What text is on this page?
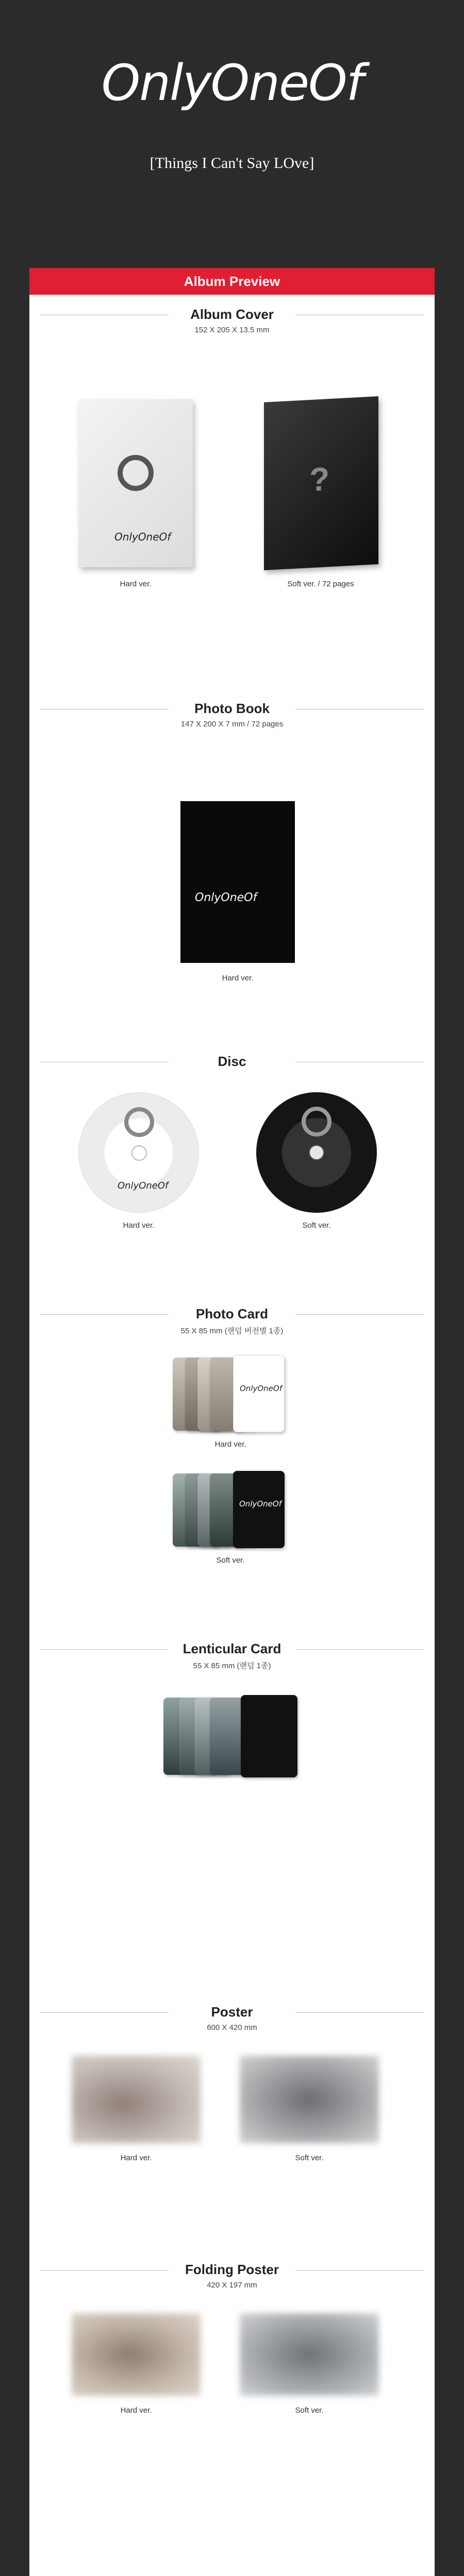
OnlyOneOf
[Things I Can't Say LOve]
Album Preview
Album Cover
152 X 205 X 13.5 mm
OnlyOneOf
?
Hard ver.	Soft ver. / 72 pages
Photo Book
147 X 200 X 7 mm / 72 pages
OnlyOneOf
Hard ver.
Disc
OnlyOneOf
Hard ver.	Soft ver.
Photo Card
55 X 85 mm (랜덤 버전별 1종)
OnlyOneOf
Hard ver.
OnlyOneOf
Soft ver.
Lenticular Card
55 X 85 mm (랜덤 1종)
Poster
600 X 420 mm
Hard ver.	Soft ver.
Folding Poster
420 X 197 mm
Hard ver.	Soft ver.
